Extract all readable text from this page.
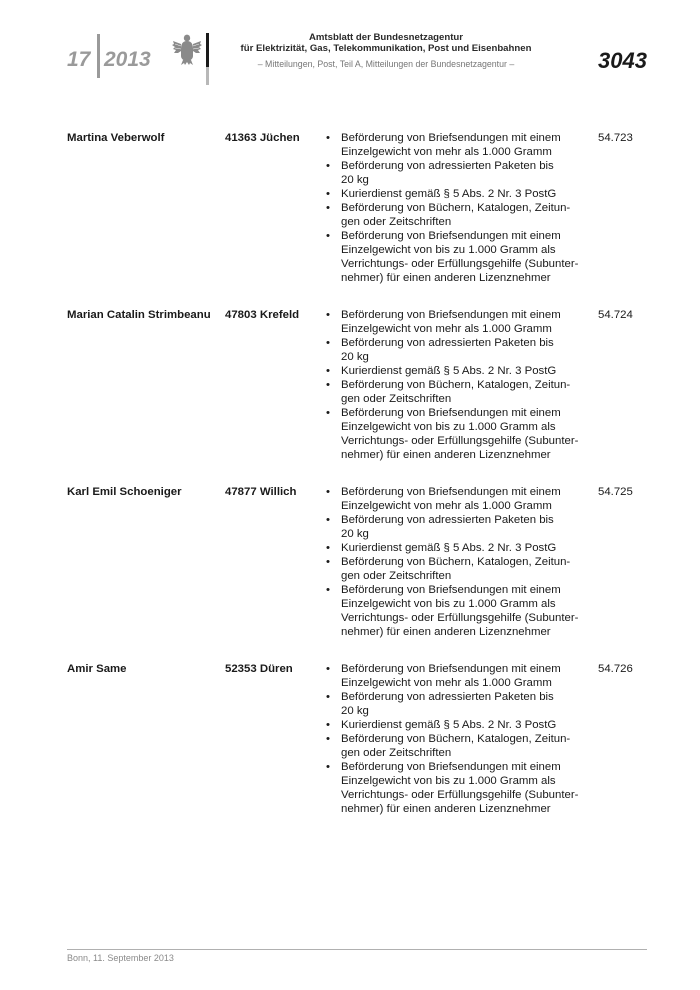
17 2013
Amtsblatt der Bundesnetzagentur
für Elektrizität, Gas, Telekommunikation, Post und Eisenbahnen
– Mitteilungen, Post, Teil A, Mitteilungen der Bundesnetzagentur –	3043
Martina Veberwolf	41363 Jüchen • Beförderung von Briefsendungen mit einem
Einzelgewicht von mehr als 1.000 Gramm
• Beförderung von adressierten Paketen bis
20 kg
• Kurierdienst gemäß § 5 Abs. 2 Nr. 3 PostG
• Beförderung von Büchern, Katalogen, Zeitun-
gen oder Zeitschriften
• Beförderung von Briefsendungen mit einem
Einzelgewicht von bis zu 1.000 Gramm als
Verrichtungs- oder Erfüllungsgehilfe (Subunter-
nehmer) für einen anderen Lizenznehmer
54.723
Marian Catalin Strimbeanu 47803 Krefeld • Beförderung von Briefsendungen mit einem
Einzelgewicht von mehr als 1.000 Gramm
• Beförderung von adressierten Paketen bis
20 kg
• Kurierdienst gemäß § 5 Abs. 2 Nr. 3 PostG
• Beförderung von Büchern, Katalogen, Zeitun-
gen oder Zeitschriften
• Beförderung von Briefsendungen mit einem
Einzelgewicht von bis zu 1.000 Gramm als
Verrichtungs- oder Erfüllungsgehilfe (Subunter-
nehmer) für einen anderen Lizenznehmer
54.724
Karl Emil Schoeniger	47877 Willich	• Beförderung von Briefsendungen mit einem
Einzelgewicht von mehr als 1.000 Gramm
• Beförderung von adressierten Paketen bis
20 kg
• Kurierdienst gemäß § 5 Abs. 2 Nr. 3 PostG
• Beförderung von Büchern, Katalogen, Zeitun-
gen oder Zeitschriften
• Beförderung von Briefsendungen mit einem
Einzelgewicht von bis zu 1.000 Gramm als
Verrichtungs- oder Erfüllungsgehilfe (Subunter-
nehmer) für einen anderen Lizenznehmer
54.725
Amir Same	52353 Düren	• Beförderung von Briefsendungen mit einem
Einzelgewicht von mehr als 1.000 Gramm
• Beförderung von adressierten Paketen bis
20 kg
• Kurierdienst gemäß § 5 Abs. 2 Nr. 3 PostG
• Beförderung von Büchern, Katalogen, Zeitun-
gen oder Zeitschriften
• Beförderung von Briefsendungen mit einem
Einzelgewicht von bis zu 1.000 Gramm als
Verrichtungs- oder Erfüllungsgehilfe (Subunter-
nehmer) für einen anderen Lizenznehmer
54.726
Bonn, 11. September 2013
